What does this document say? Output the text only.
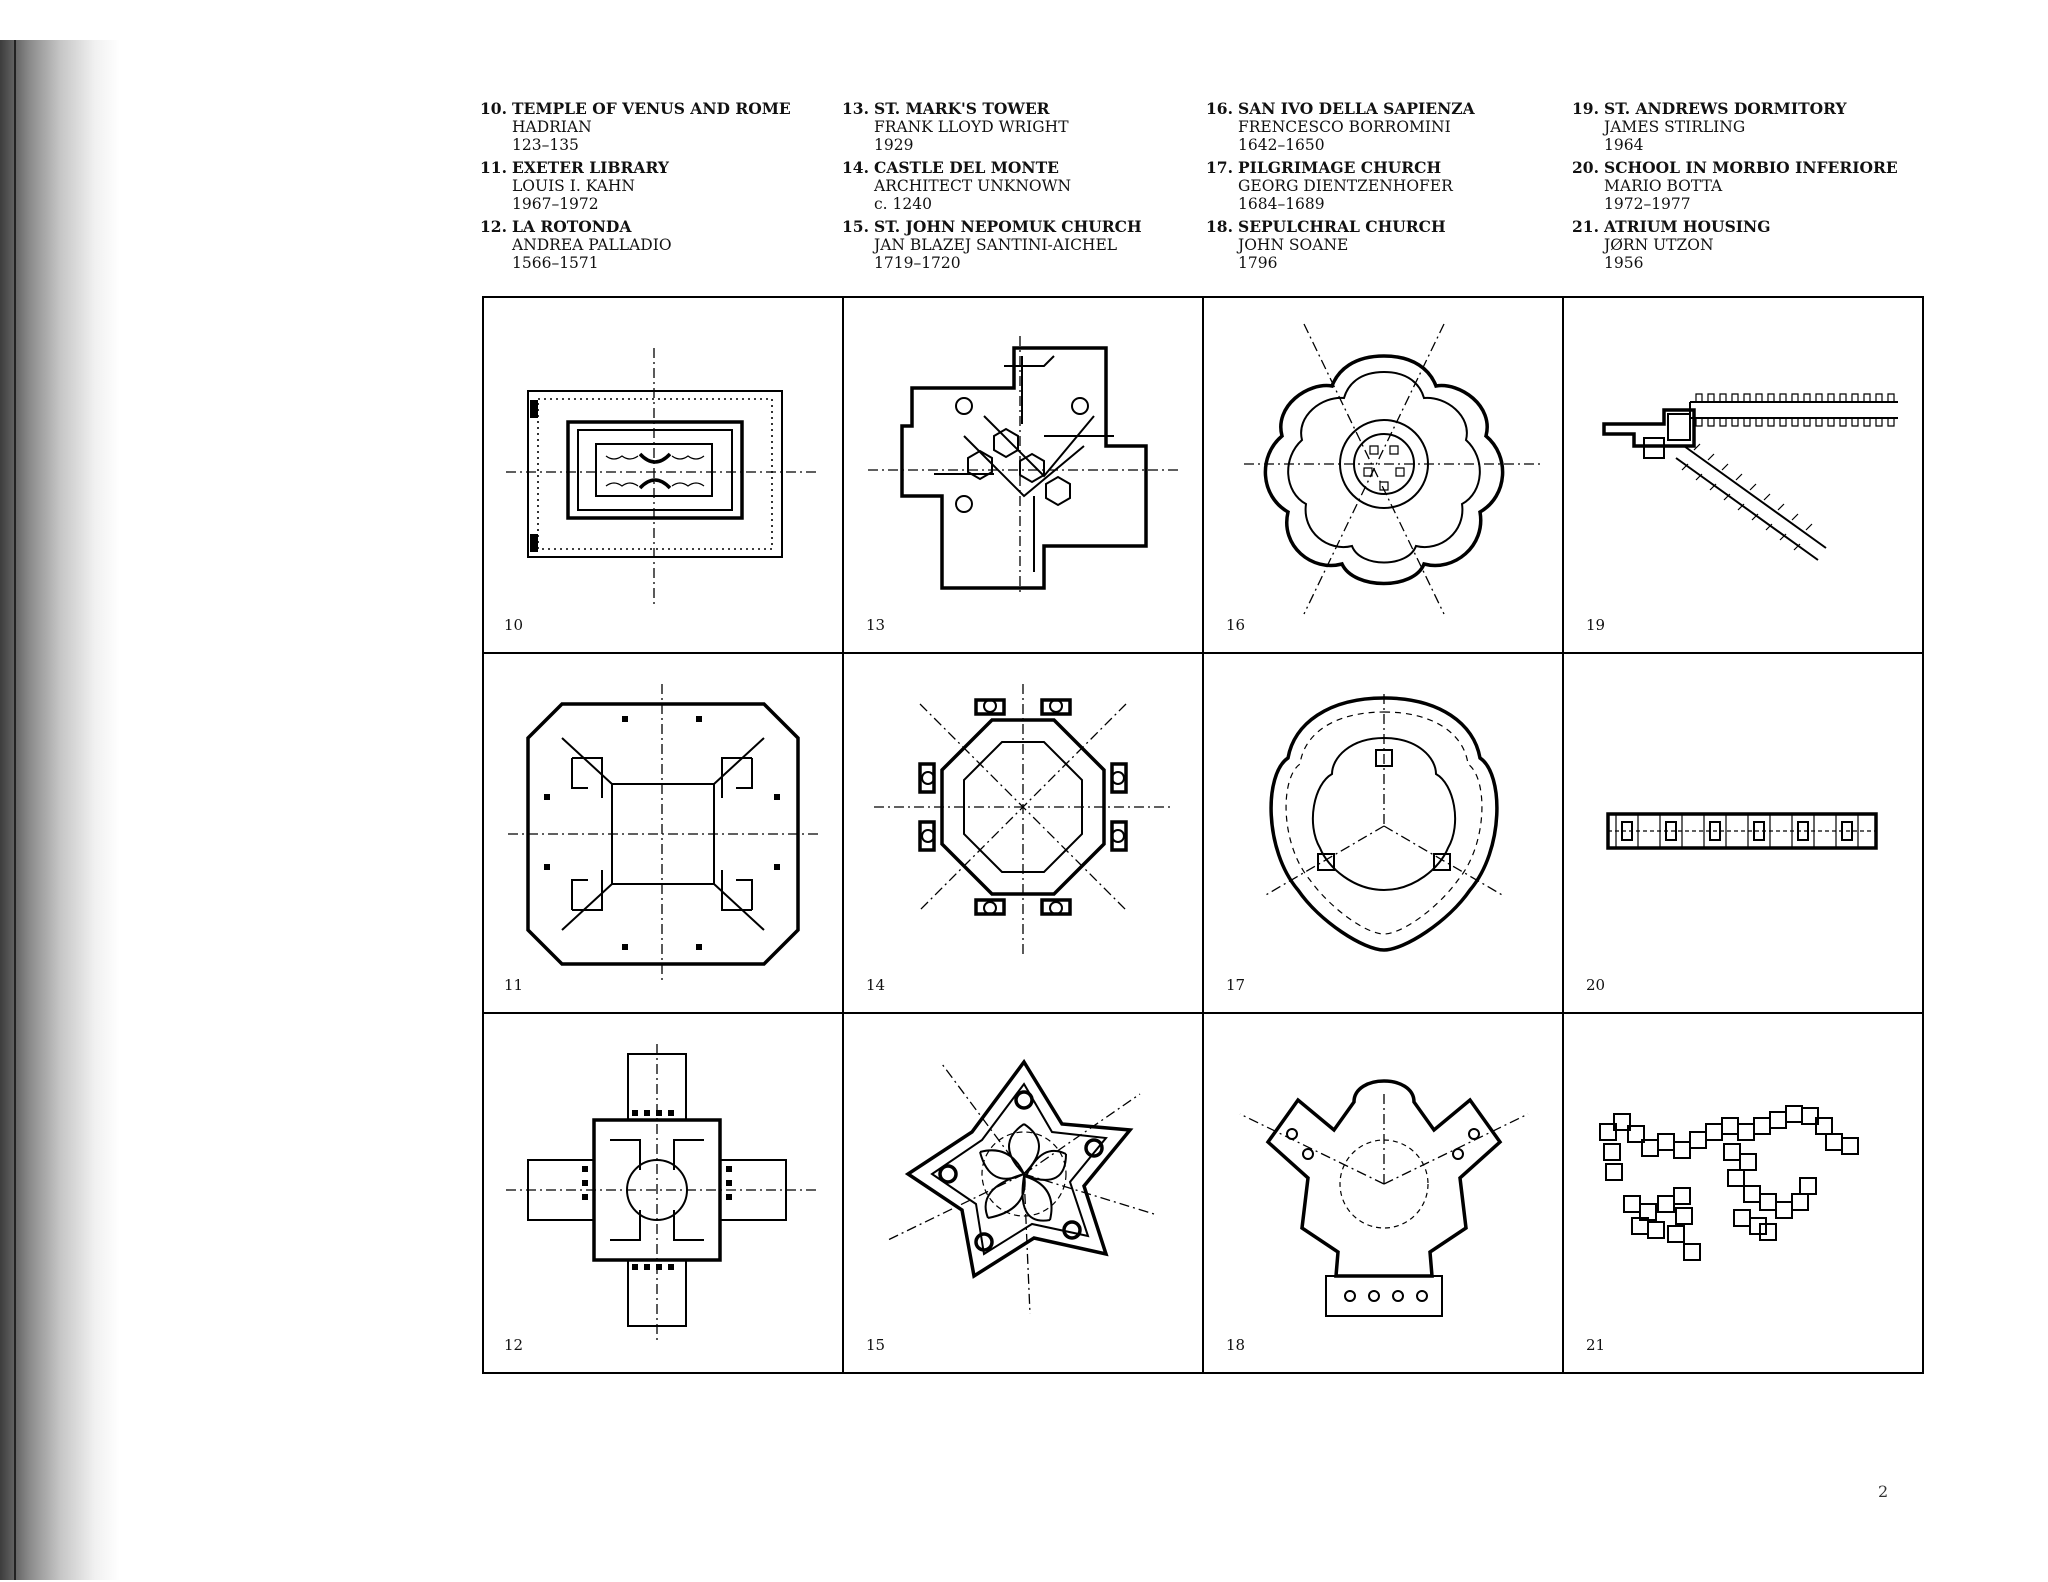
10. TEMPLE OF VENUS AND ROME
HADRIAN
123–135
11. EXETER LIBRARY
LOUIS I. KAHN
1967–1972
12. LA ROTONDA
ANDREA PALLADIO
1566–1571
13. ST. MARK'S TOWER
FRANK LLOYD WRIGHT
1929
14. CASTLE DEL MONTE
ARCHITECT UNKNOWN
c. 1240
15. ST. JOHN NEPOMUK CHURCH
JAN BLAZEJ SANTINI-AICHEL
1719–1720
16. SAN IVO DELLA SAPIENZA
FRENCESCO BORROMINI
1642–1650
17. PILGRIMAGE CHURCH
GEORG DIENTZENHOFER
1684–1689
18. SEPULCHRAL CHURCH
JOHN SOANE
1796
19. ST. ANDREWS DORMITORY
JAMES STIRLING
1964
20. SCHOOL IN MORBIO INFERIORE
MARIO BOTTA
1972–1977
21. ATRIUM HOUSING
JØRN UTZON
1956
10	13	16	19
11	14	17	20
12	15	18	21
2
